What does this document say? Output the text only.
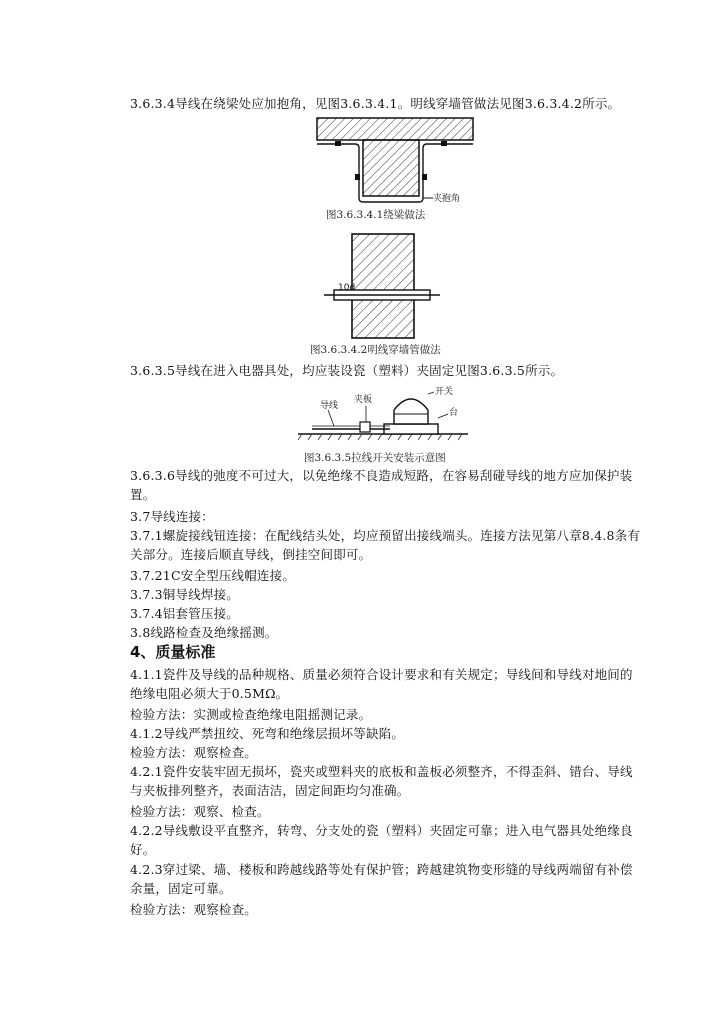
3.6.3.4导线在绕梁处应加抱角，见图3.6.3.4.1。明线穿墙管做法见图3.6.3.4.2所示。

夹抱角
图3.6.3.4.1绕梁做法
10d
图3.6.3.4.2明线穿墙管做法

3.6.3.5导线在进入电器具处，均应装设瓷（塑料）夹固定见图3.6.3.5所示。

导线
夹板
开关
台
图3.6.3.5拉线开关安装示意图

3.6.3.6导线的弛度不可过大，以免绝缘不良造成短路，在容易刮碰导线的地方应加保护装置。

3.7导线连接：

3.7.1螺旋接线钮连接：在配线结头处，均应预留出接线端头。连接方法见第八章8.4.8条有关部分。连接后顺直导线，倒挂空间即可。

3.7.21C安全型压线帽连接。

3.7.3铜导线焊接。

3.7.4铝套管压接。

3.8线路检查及绝缘摇测。

4、质量标准

4.1.1瓷件及导线的品种规格、质量必须符合设计要求和有关规定；导线间和导线对地间的绝缘电阻必须大于0.5MΩ。

检验方法：实测或检查绝缘电阻摇测记录。

4.1.2导线严禁扭绞、死弯和绝缘层损坏等缺陷。

检验方法：观察检查。

4.2.1瓷件安装牢固无损坏，瓷夹或塑料夹的底板和盖板必须整齐，不得歪斜、错台、导线与夹板排列整齐，表面洁洁，固定间距均匀准确。

检验方法：观察、检查。

4.2.2导线敷设平直整齐，转弯、分支处的瓷（塑料）夹固定可靠；进入电气器具处绝缘良好。

4.2.3穿过梁、墙、楼板和跨越线路等处有保护管；跨越建筑物变形缝的导线两端留有补偿余量，固定可靠。

检验方法：观察检查。
